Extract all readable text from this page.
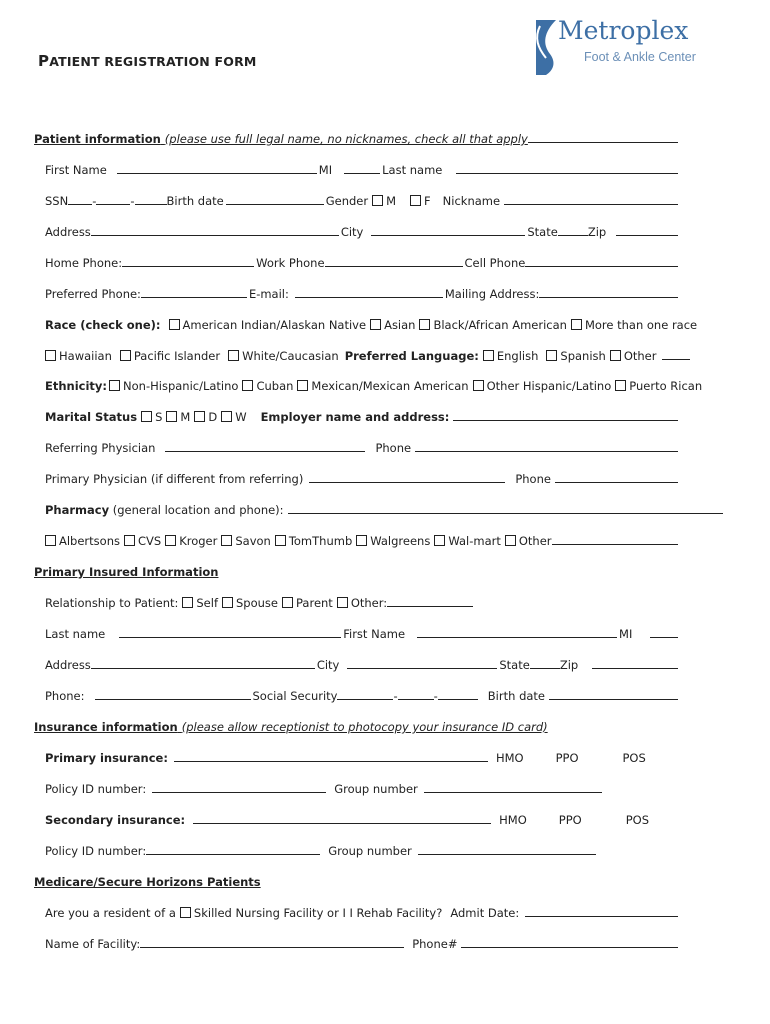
Metroplex
Foot & Ankle Center
PATIENT REGISTRATION FORM
Patient information
(please use full legal name, no nicknames, check all that apply
First Name	MI	Last name
SSN -	-	Birth date	Gender M F Nickname
Address	City	State	Zip
Home Phone:	Work Phone	Cell Phone
Preferred Phone:	E-mail:	Mailing Address:
Race (check one): American Indian/Alaskan Native Asian Black/African American More than one race
Hawaiian Pacific Islander White/Caucasian Preferred Language: English Spanish Other
Ethnicity: Non-Hispanic/Latino Cuban Mexican/Mexican American Other Hispanic/Latino Puerto Rican
Marital Status S M D W Employer name and address:
Referring Physician	Phone
Primary Physician (if different from referring)	Phone
Pharmacy
(general location and phone):
Albertsons CVS Kroger Savon TomThumb Walgreens Wal-mart Other
Primary Insured Information
Relationship to Patient: Self Spouse Parent Other:
Last name	First Name	MI
Address	City	State	Zip
Phone:	Social Security	-	-	Birth date
Insurance information
(please allow receptionist to photocopy your insurance ID card)
Primary insurance:	HMO	PPO	POS
Policy ID number:	Group number
Secondary insurance:	HMO	PPO	POS
Policy ID number:	Group number
Medicare/Secure Horizons Patients
Are you a resident of a Skilled Nursing Facility or I I Rehab Facility? Admit Date:
Name of Facility:	Phone#
